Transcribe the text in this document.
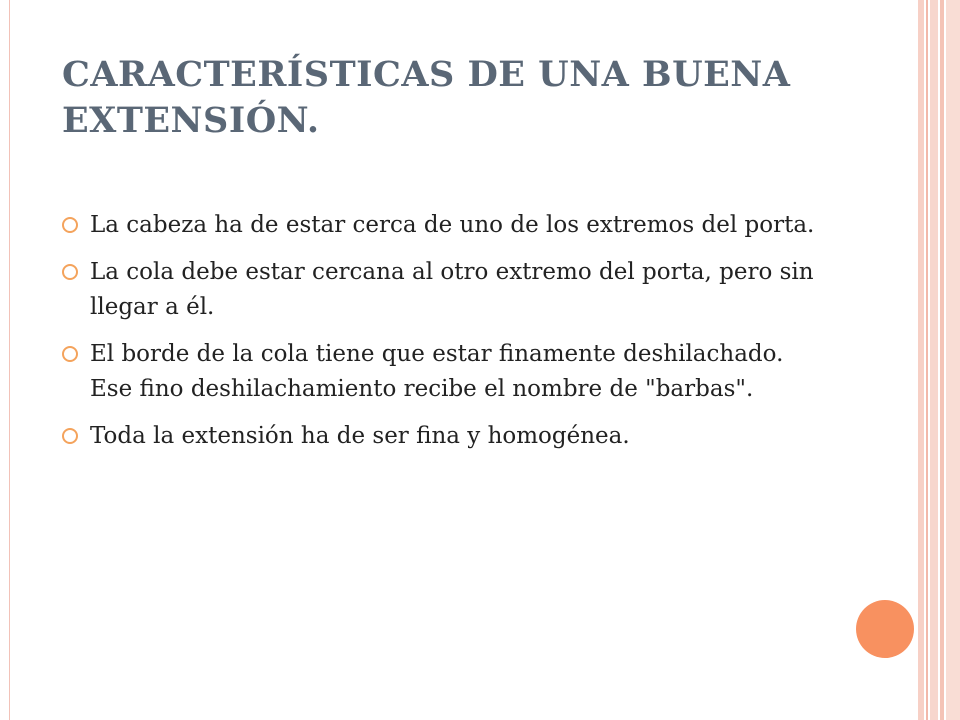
CARACTERÍSTICAS DE UNA BUENA EXTENSIÓN.
La cabeza ha de estar cerca de uno de los extremos del porta.
La cola debe estar cercana al otro extremo del porta, pero sin llegar a él.
El borde de la cola tiene que estar finamente deshilachado. Ese fino deshilachamiento recibe el nombre de "barbas".
Toda la extensión ha de ser fina y homogénea.
